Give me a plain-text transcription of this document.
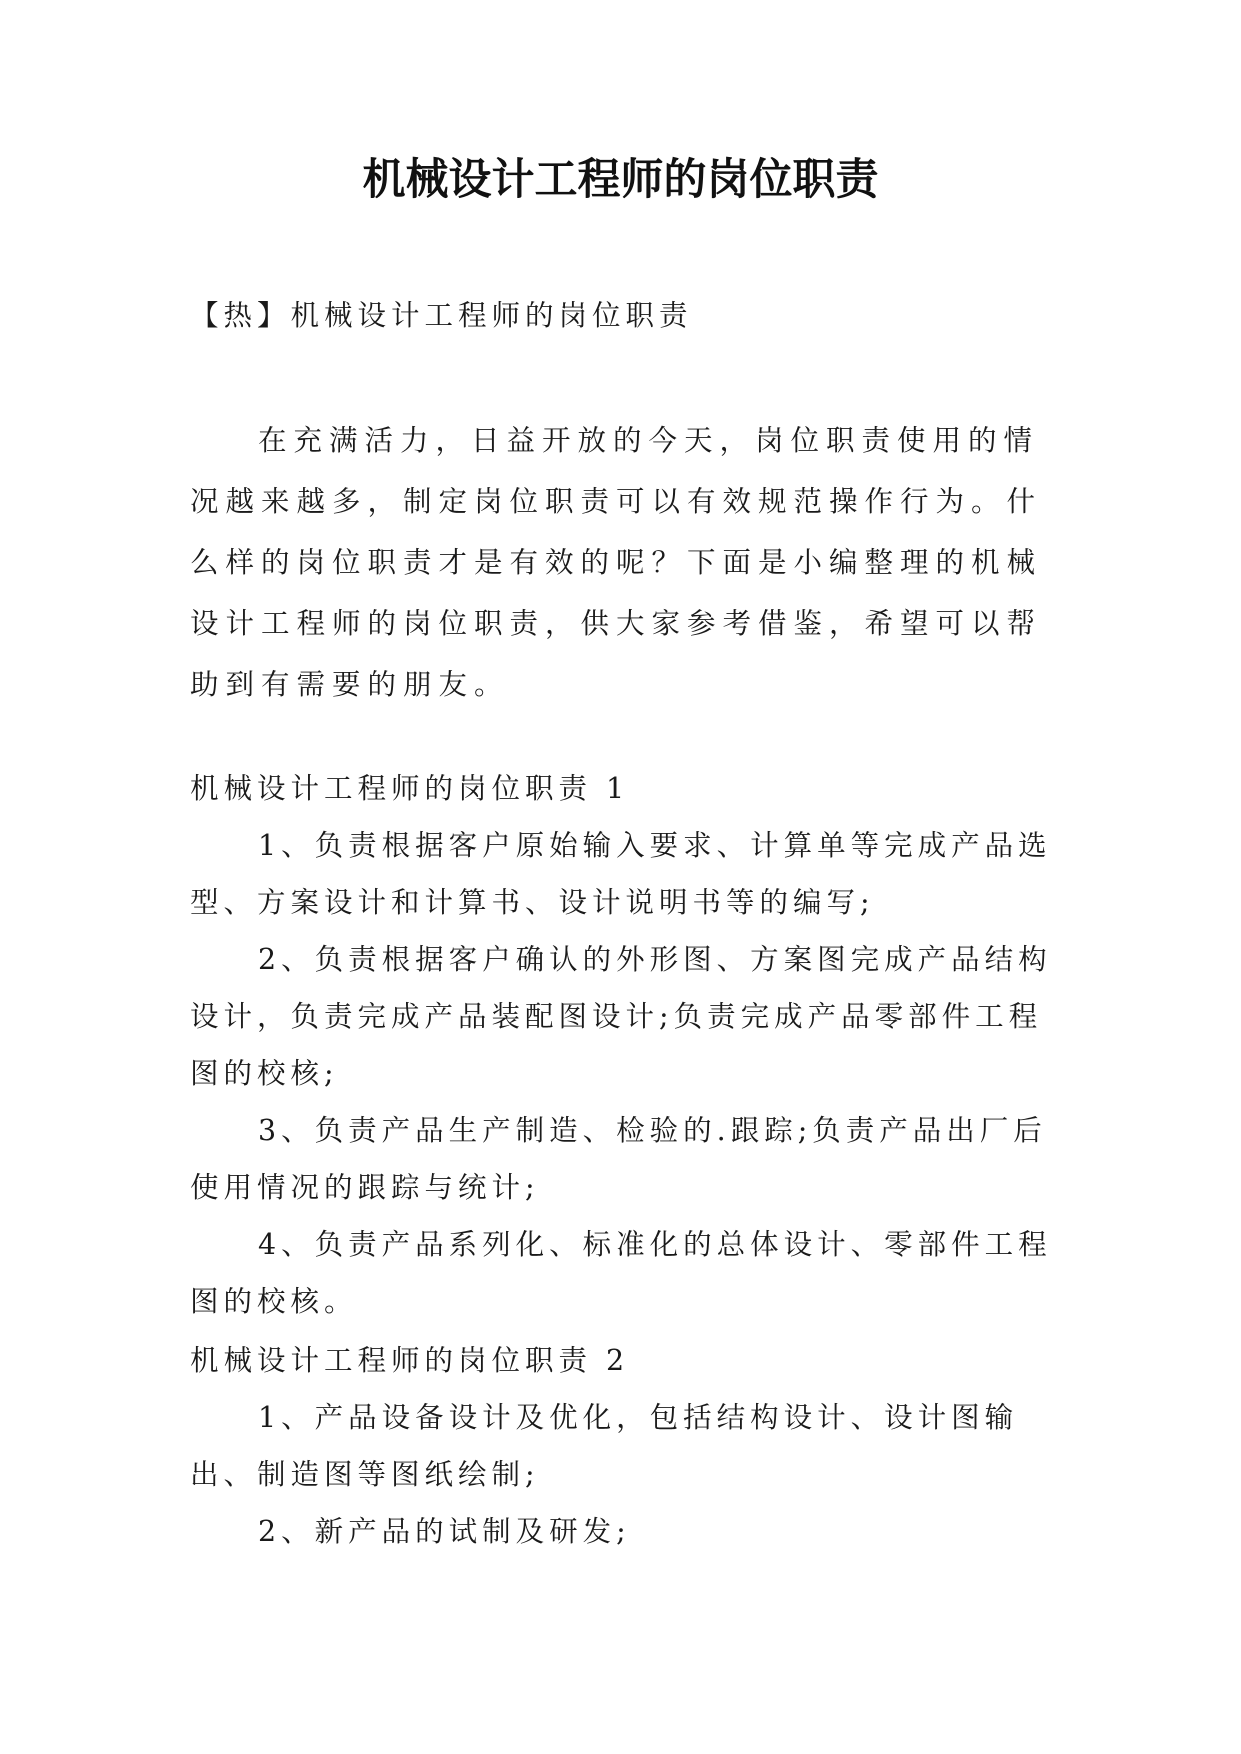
机械设计工程师的岗位职责

【热】机械设计工程师的岗位职责

在充满活力，日益开放的今天，岗位职责使用的情况越来越多，制定岗位职责可以有效规范操作行为。什么样的岗位职责才是有效的呢？下面是小编整理的机械设计工程师的岗位职责，供大家参考借鉴，希望可以帮助到有需要的朋友。

机械设计工程师的岗位职责 1

1、负责根据客户原始输入要求、计算单等完成产品选型、方案设计和计算书、设计说明书等的编写;

2、负责根据客户确认的外形图、方案图完成产品结构设计，负责完成产品装配图设计;负责完成产品零部件工程图的校核;

3、负责产品生产制造、检验的.跟踪;负责产品出厂后使用情况的跟踪与统计;

4、负责产品系列化、标准化的总体设计、零部件工程图的校核。

机械设计工程师的岗位职责 2

1、产品设备设计及优化，包括结构设计、设计图输出、制造图等图纸绘制;

2、新产品的试制及研发;
